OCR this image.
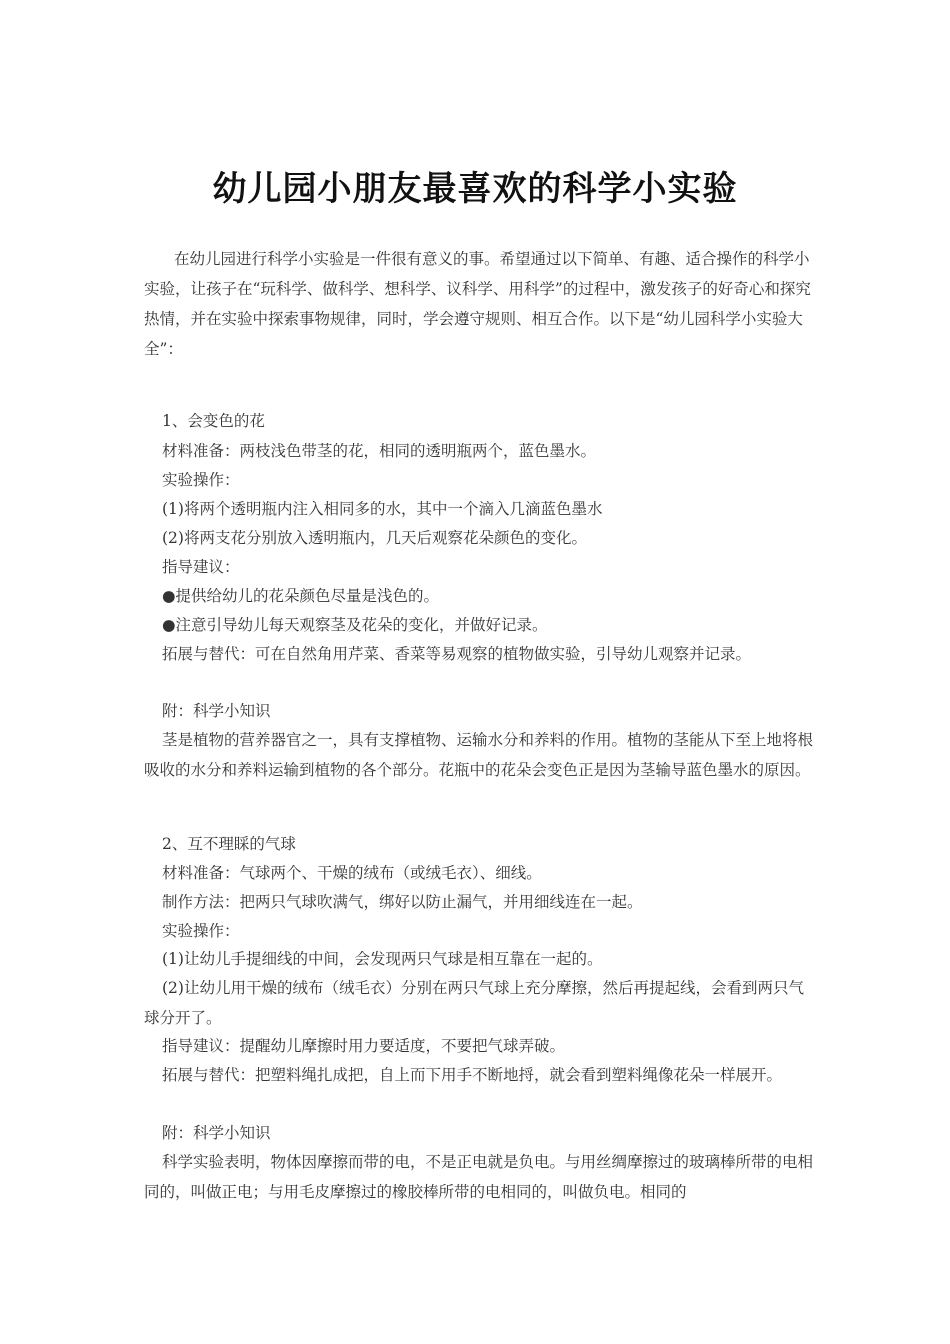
幼儿园小朋友最喜欢的科学小实验

在幼儿园进行科学小实验是一件很有意义的事。希望通过以下简单、有趣、适合操作的科学小实验，让孩子在“玩科学、做科学、想科学、议科学、用科学”的过程中，激发孩子的好奇心和探究热情，并在实验中探索事物规律，同时，学会遵守规则、相互合作。以下是“幼儿园科学小实验大全”：

1、会变色的花

材料准备：两枝浅色带茎的花，相同的透明瓶两个，蓝色墨水。

实验操作：

(1)将两个透明瓶内注入相同多的水，其中一个滴入几滴蓝色墨水

(2)将两支花分别放入透明瓶内，几天后观察花朵颜色的变化。

指导建议：

●提供给幼儿的花朵颜色尽量是浅色的。

●注意引导幼儿每天观察茎及花朵的变化，并做好记录。

拓展与替代：可在自然角用芹菜、香菜等易观察的植物做实验，引导幼儿观察并记录。

附：科学小知识

茎是植物的营养器官之一，具有支撑植物、运输水分和养料的作用。植物的茎能从下至上地将根吸收的水分和养料运输到植物的各个部分。花瓶中的花朵会变色正是因为茎输导蓝色墨水的原因。

2、互不理睬的气球

材料准备：气球两个、干燥的绒布（或绒毛衣）、细线。

制作方法：把两只气球吹满气，绑好以防止漏气，并用细线连在一起。

实验操作：

(1)让幼儿手提细线的中间，会发现两只气球是相互靠在一起的。

(2)让幼儿用干燥的绒布（绒毛衣）分别在两只气球上充分摩擦，然后再提起线，会看到两只气球分开了。

指导建议：提醒幼儿摩擦时用力要适度，不要把气球弄破。

拓展与替代：把塑料绳扎成把，自上而下用手不断地捋，就会看到塑料绳像花朵一样展开。

附：科学小知识

科学实验表明，物体因摩擦而带的电，不是正电就是负电。与用丝绸摩擦过的玻璃棒所带的电相同的，叫做正电；与用毛皮摩擦过的橡胶棒所带的电相同的，叫做负电。相同的
